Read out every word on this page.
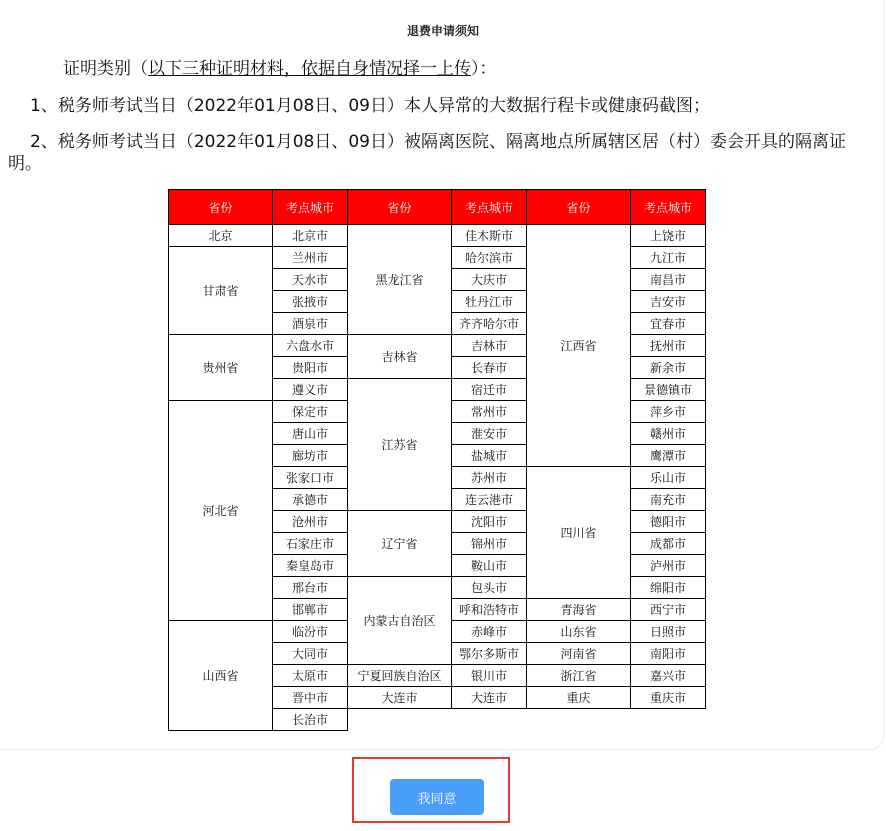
退费申请须知
证明类别（以下三种证明材料，依据自身情况择一上传）：
1、税务师考试当日（2022年01月08日、09日）本人异常的大数据行程卡或健康码截图；
2、税务师考试当日（2022年01月08日、09日）被隔离医院、隔离地点所属辖区居（村）委会开具的隔离证明。
省份	考点城市	省份	考点城市	省份	考点城市
北京	北京市	黑龙江省	佳木斯市	江西省	上饶市
甘肃省	兰州市		哈尔滨市		九江市
	天水市		大庆市		南昌市
	张掖市		牡丹江市		吉安市
	酒泉市		齐齐哈尔市		宜春市
贵州省	六盘水市	吉林省	吉林市		抚州市
	贵阳市		长春市		新余市
	遵义市	江苏省	宿迁市		景德镇市
河北省	保定市		常州市		萍乡市
	唐山市		淮安市		赣州市
	廊坊市		盐城市		鹰潭市
	张家口市		苏州市	四川省	乐山市
	承德市		连云港市		南充市
	沧州市	辽宁省	沈阳市		德阳市
	石家庄市		锦州市		成都市
	秦皇岛市		鞍山市		泸州市
	邢台市	内蒙古自治区	包头市		绵阳市
	邯郸市		呼和浩特市	青海省	西宁市
山西省	临汾市		赤峰市	山东省	日照市
	大同市		鄂尔多斯市	河南省	南阳市
	太原市	宁夏回族自治区	银川市	浙江省	嘉兴市
	晋中市	大连市	大连市	重庆	重庆市
	长治市				
我同意
